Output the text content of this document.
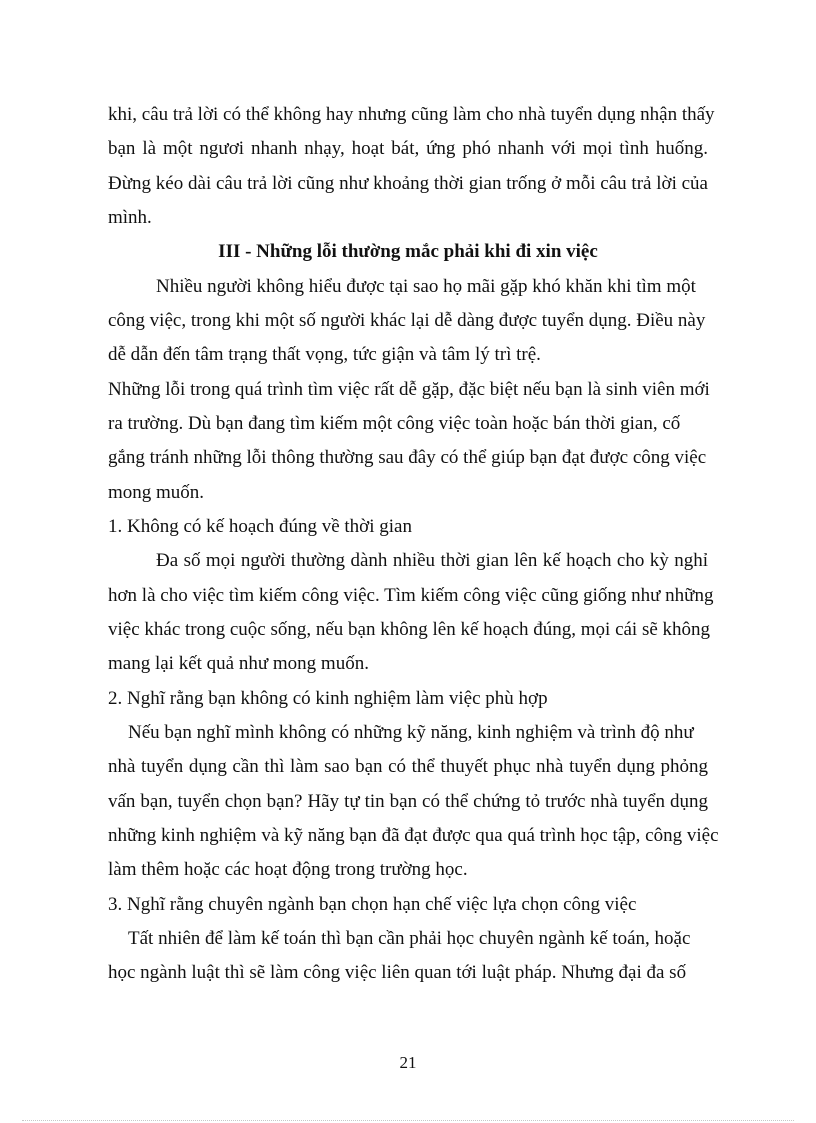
khi, câu trả lời có thể không hay nhưng cũng làm cho nhà tuyển dụng nhận thấy
bạn là một ngươi nhanh nhạy, hoạt bát, ứng phó nhanh với mọi tình huống.
Đừng kéo dài câu trả lời cũng như khoảng thời gian trống ở mỗi câu trả lời của
mình.
III - Những lỗi thường mắc phải khi đi xin việc
Nhiều người không hiểu được tại sao họ mãi gặp khó khăn khi tìm một
công việc, trong khi một số người khác lại dễ dàng được tuyển dụng. Điều này
dễ dẫn đến tâm trạng thất vọng, tức giận và tâm lý trì trệ.
Những lỗi trong quá trình tìm việc rất dễ gặp, đặc biệt nếu bạn là sinh viên mới
ra trường. Dù bạn đang tìm kiếm một công việc toàn hoặc bán thời gian, cố
gắng tránh những lỗi thông thường sau đây có thể giúp bạn đạt được công việc
mong muốn.
1. Không có kế hoạch đúng về thời gian
Đa số mọi người thường dành nhiều thời gian lên kế hoạch cho kỳ nghỉ
hơn là cho việc tìm kiếm công việc. Tìm kiếm công việc cũng giống như những
việc khác trong cuộc sống, nếu bạn không lên kế hoạch đúng, mọi cái sẽ không
mang lại kết quả như mong muốn.
2. Nghĩ rằng bạn không có kinh nghiệm làm việc phù hợp
Nếu bạn nghĩ mình không có những kỹ năng, kinh nghiệm và trình độ như
nhà tuyển dụng cần thì làm sao bạn có thể thuyết phục nhà tuyển dụng phỏng
vấn bạn, tuyển chọn bạn? Hãy tự tin bạn có thể chứng tỏ trước nhà tuyển dụng
những kinh nghiệm và kỹ năng bạn đã đạt được qua quá trình học tập, công việc
làm thêm hoặc các hoạt động trong trường học.
3. Nghĩ rằng chuyên ngành bạn chọn hạn chế việc lựa chọn công việc
Tất nhiên để làm kế toán thì bạn cần phải học chuyên ngành kế toán, hoặc
học ngành luật thì sẽ làm công việc liên quan tới luật pháp. Nhưng đại đa số
21
